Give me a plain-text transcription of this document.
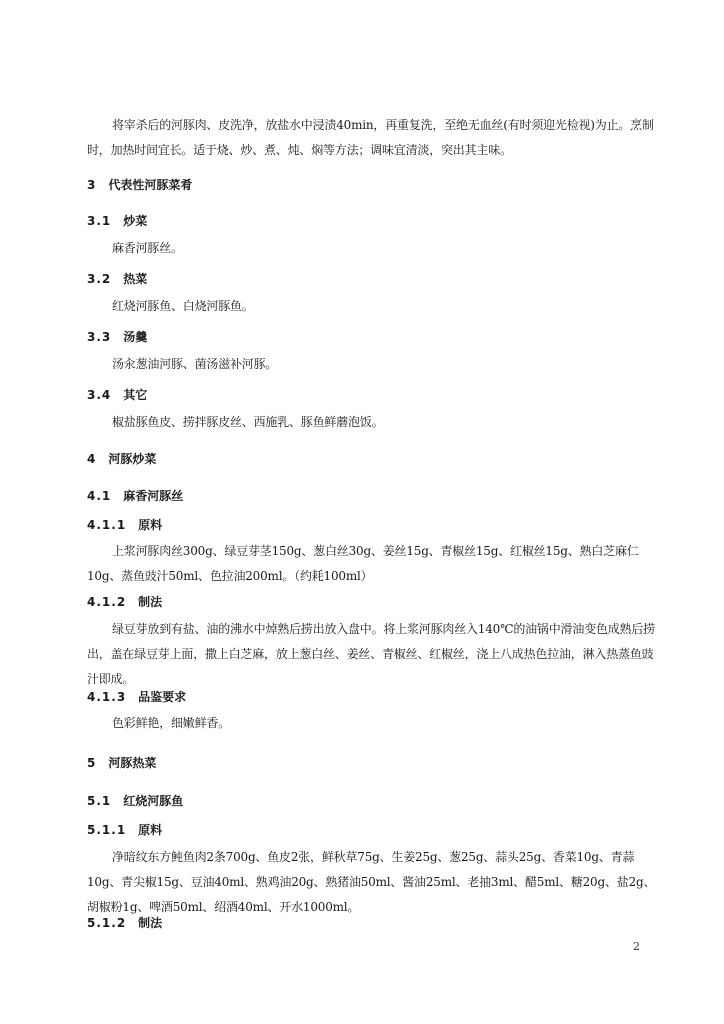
将宰杀后的河豚肉、皮洗净，放盐水中浸渍40min，再重复洗，至绝无血丝(有时须迎光检视)为止。烹制时，加热时间宜长。适于烧、炒、煮、炖、焖等方法；调味宜清淡，突出其主味。
3 代表性河豚菜肴
3.1 炒菜
麻香河豚丝。
3.2 热菜
红烧河豚鱼、白烧河豚鱼。
3.3 汤羹
汤汆葱油河豚、菌汤滋补河豚。
3.4 其它
椒盐豚鱼皮、捞拌豚皮丝、西施乳、豚鱼鲜蘑泡饭。
4 河豚炒菜
4.1 麻香河豚丝
4.1.1 原料
上浆河豚肉丝300g、绿豆芽茎150g、葱白丝30g、姜丝15g、青椒丝15g、红椒丝15g、熟白芝麻仁10g、蒸鱼豉汁50ml、色拉油200ml。（约耗100ml）
4.1.2 制法
绿豆芽放到有盐、油的沸水中焯熟后捞出放入盘中。将上浆河豚肉丝入140℃的油锅中滑油变色成熟后捞出，盖在绿豆芽上面，撒上白芝麻，放上葱白丝、姜丝、青椒丝、红椒丝，浇上八成热色拉油，淋入热蒸鱼豉汁即成。
4.1.3 品鉴要求
色彩鲜艳，细嫩鲜香。
5 河豚热菜
5.1 红烧河豚鱼
5.1.1 原料
净暗纹东方鲀鱼肉2条700g、鱼皮2张，鲜秋草75g、生姜25g、葱25g、蒜头25g、香菜10g、青蒜10g、青尖椒15g、豆油40ml、熟鸡油20g、熟猪油50ml、酱油25ml、老抽3ml、醋5ml、糖20g、盐2g、胡椒粉1g、啤酒50ml、绍酒40ml、开水1000ml。
5.1.2 制法
2
